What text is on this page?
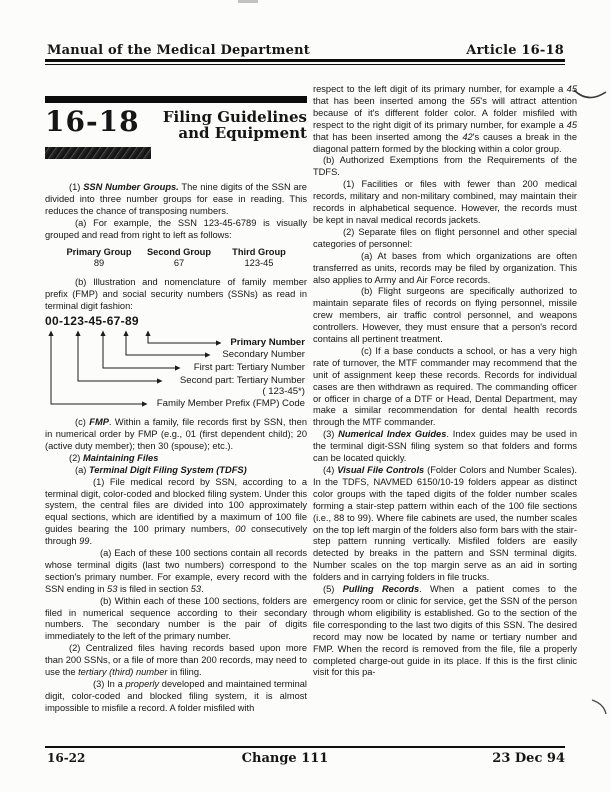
Manual of the Medical Department	Article 16-18
16-18 Filing Guidelines
and Equipment
(1) SSN Number Groups. The nine digits of the SSN are divided into three number groups for ease in reading. This reduces the chance of transposing numbers.
(a) For example, the SSN 123-45-6789 is visually grouped and read from right to left as follows:
Primary Group	Second Group	Third Group
89	67	123-45
(b) Illustration and nomenclature of family member prefix (FMP) and social security numbers (SSNs) as read in terminal digit fashion:
00-123-45-67-89
Primary Number
Secondary Number
First part: Tertiary Number
Second part: Tertiary Number
( 123-45*)
Family Member Prefix (FMP) Code
(c) FMP. Within a family, file records first by SSN, then in numerical order by FMP (e.g., 01 (first dependent child); 20 (active duty member); then 30 (spouse); etc.).
(2) Maintaining Files
(a) Terminal Digit Filing System (TDFS)
(1) File medical record by SSN, according to a terminal digit, color-coded and blocked filing system. Under this system, the central files are divided into 100 approximately equal sections, which are identified by a maximum of 100 file guides bearing the 100 primary numbers, 00 consecutively through 99.
(a) Each of these 100 sections contain all records whose terminal digits (last two numbers) correspond to the section's primary number. For example, every record with the SSN ending in 53 is filed in section 53.
(b) Within each of these 100 sections, folders are filed in numerical sequence according to their secondary numbers. The secondary number is the pair of digits immediately to the left of the primary number.
(2) Centralized files having records based upon more than 200 SSNs, or a file of more than 200 records, may need to use the tertiary (third) number in filing.
(3) In a properly developed and maintained terminal digit, color-coded and blocked filing system, it is almost impossible to misfile a record. A folder misfiled with
respect to the left digit of its primary number, for example a 45 that has been inserted among the 55's will attract attention because of it's different folder color. A folder misfiled with respect to the right digit of its primary number, for example a 45 that has been inserted among the 42's causes a break in the diagonal pattern formed by the blocking within a color group.
(b) Authorized Exemptions from the Requirements of the TDFS.
(1) Facilities or files with fewer than 200 medical records, military and non-military combined, may maintain their records in alphabetical sequence. However, the records must be kept in naval medical records jackets.
(2) Separate files on flight personnel and other special categories of personnel:
(a) At bases from which organizations are often transferred as units, records may be filed by organization. This also applies to Army and Air Force records.
(b) Flight surgeons are specifically authorized to maintain separate files of records on flying personnel, missile crew members, air traffic control personnel, and weapons controllers. However, they must ensure that a person's record contains all pertinent treatment.
(c) If a base conducts a school, or has a very high rate of turnover, the MTF commander may recommend that the unit of assignment keep these records. Records for individual cases are then withdrawn as required. The commanding officer or officer in charge of a DTF or Head, Dental Department, may make a similar recommendation for dental health records through the MTF commander.
(3) Numerical Index Guides. Index guides may be used in the terminal digit-SSN filing system so that folders and forms can be located quickly.
(4) Visual File Controls (Folder Colors and Number Scales). In the TDFS, NAVMED 6150/10-19 folders appear as distinct color groups with the taped digits of the folder number scales forming a stair-step pattern within each of the 100 file sections (i.e., 88 to 99). Where file cabinets are used, the number scales on the top left margin of the folders also form bars with the stair-step pattern running vertically. Misfiled folders are easily detected by breaks in the pattern and SSN terminal digits. Number scales on the top margin serve as an aid in sorting folders and in carrying folders in file trucks.
(5) Pulling Records. When a patient comes to the emergency room or clinic for service, get the SSN of the person through whom eligibility is established. Go to the section of the file corresponding to the last two digits of this SSN. The desired record may now be located by name or tertiary number and FMP. When the record is removed from the file, file a properly completed charge-out guide in its place. If this is the first clinic visit for this pa-
16-22	Change 111	23 Dec 94
